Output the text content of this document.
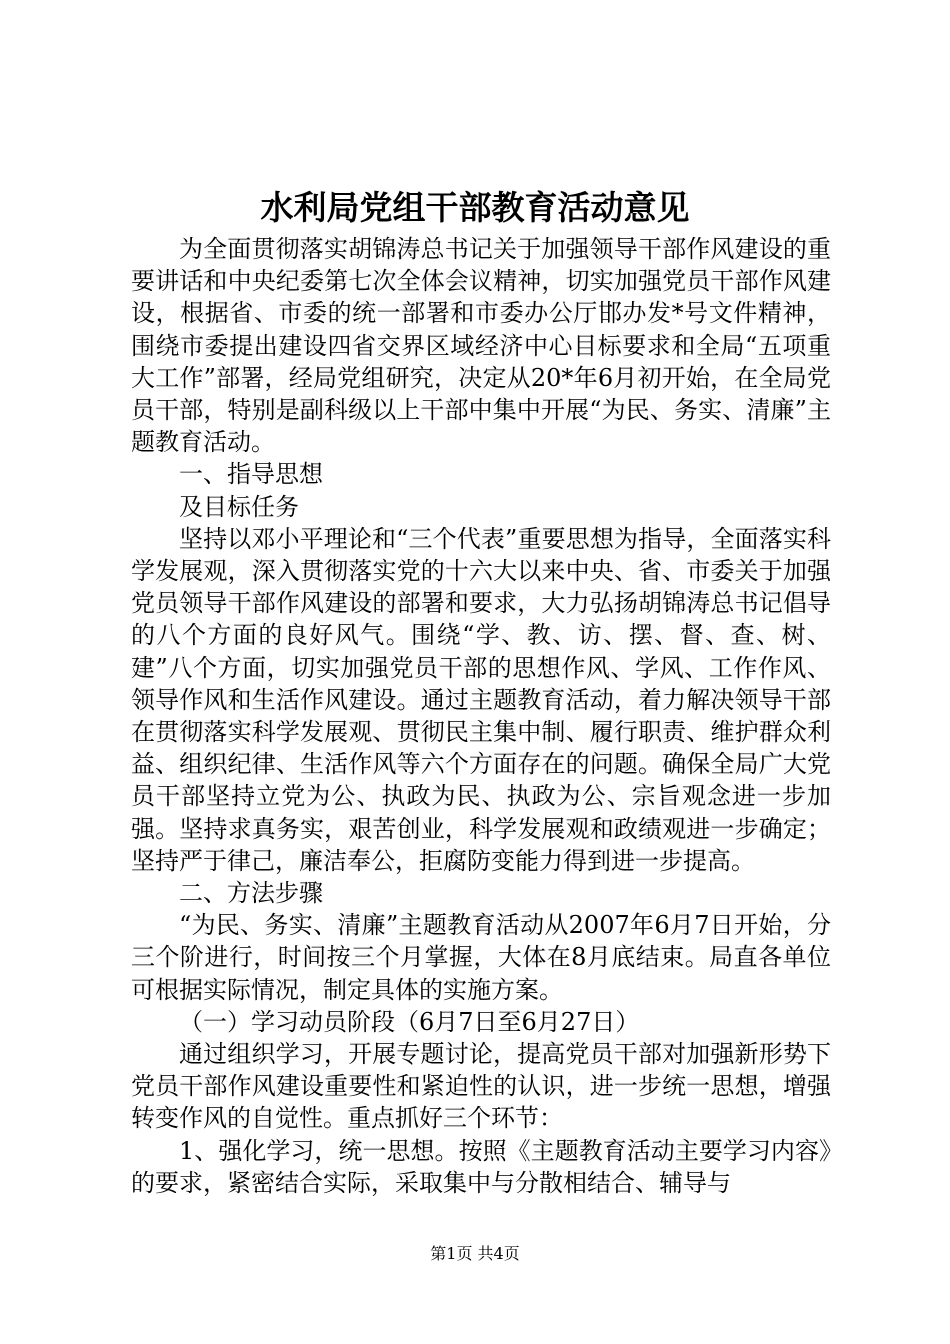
水利局党组干部教育活动意见

为全面贯彻落实胡锦涛总书记关于加强领导干部作风建设的重要讲话和中央纪委第七次全体会议精神，切实加强党员干部作风建设，根据省、市委的统一部署和市委办公厅邯办发*号文件精神，围绕市委提出建设四省交界区域经济中心目标要求和全局“五项重大工作”部署，经局党组研究，决定从20*年6月初开始，在全局党员干部，特别是副科级以上干部中集中开展“为民、务实、清廉”主题教育活动。

一、指导思想

及目标任务

坚持以邓小平理论和“三个代表”重要思想为指导，全面落实科学发展观，深入贯彻落实党的十六大以来中央、省、市委关于加强党员领导干部作风建设的部署和要求，大力弘扬胡锦涛总书记倡导的八个方面的良好风气。围绕“学、教、访、摆、督、查、树、建”八个方面，切实加强党员干部的思想作风、学风、工作作风、领导作风和生活作风建设。通过主题教育活动，着力解决领导干部在贯彻落实科学发展观、贯彻民主集中制、履行职责、维护群众利益、组织纪律、生活作风等六个方面存在的问题。确保全局广大党员干部坚持立党为公、执政为民、执政为公、宗旨观念进一步加强。坚持求真务实，艰苦创业，科学发展观和政绩观进一步确定；坚持严于律己，廉洁奉公，拒腐防变能力得到进一步提高。

二、方法步骤

“为民、务实、清廉”主题教育活动从2007年6月7日开始，分三个阶进行，时间按三个月掌握，大体在8月底结束。局直各单位可根据实际情况，制定具体的实施方案。

（一）学习动员阶段（6月7日至6月27日）

通过组织学习，开展专题讨论，提高党员干部对加强新形势下党员干部作风建设重要性和紧迫性的认识，进一步统一思想，增强转变作风的自觉性。重点抓好三个环节：

1、强化学习，统一思想。按照《主题教育活动主要学习内容》的要求，紧密结合实际，采取集中与分散相结合、辅导与

第1页 共4页
